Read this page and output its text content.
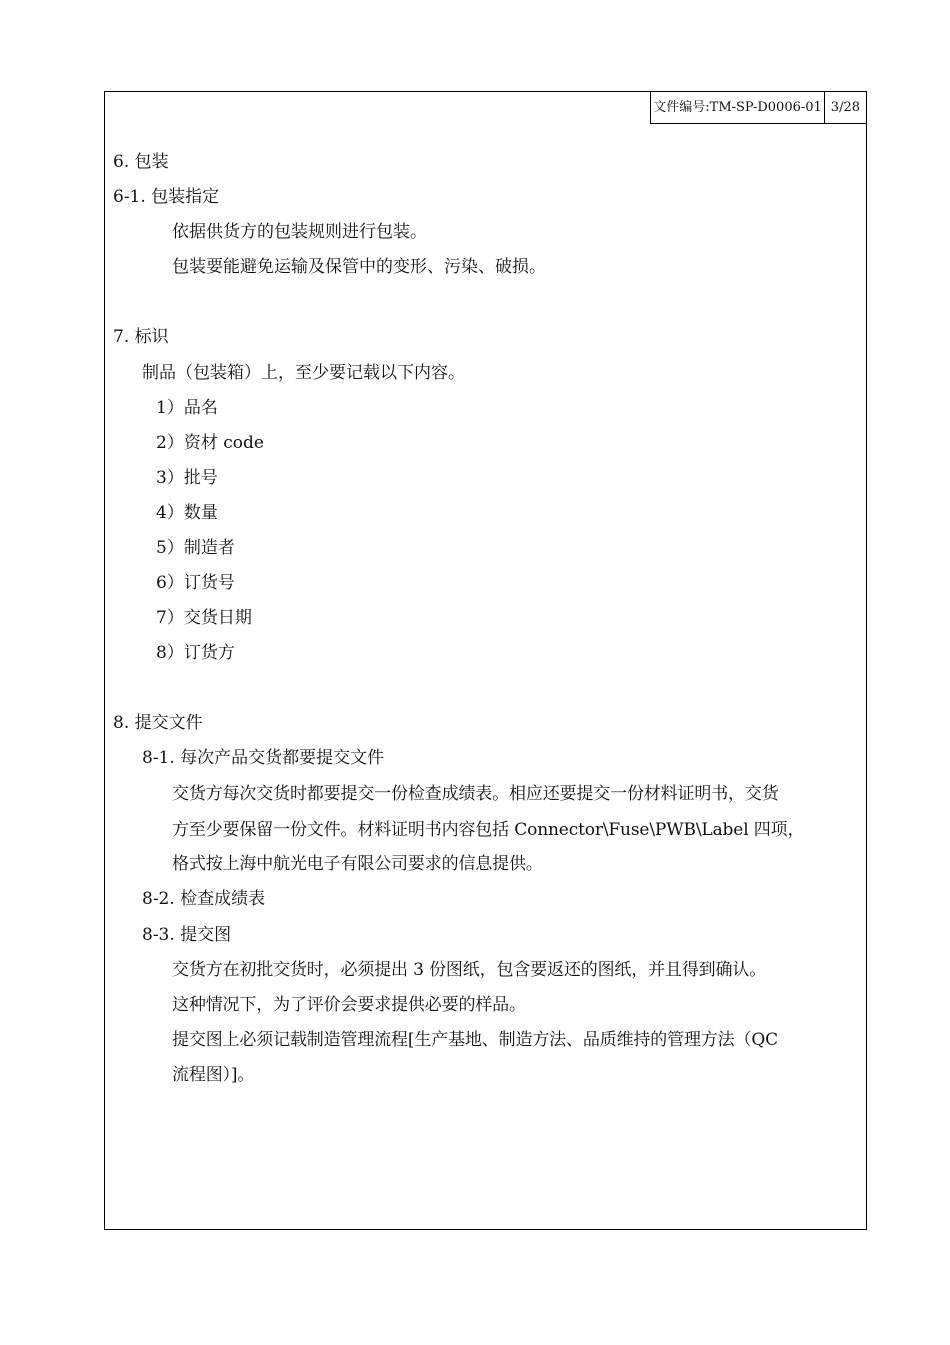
文件编号:TM-SP-D0006-01 3/28
6. 包装
6-1. 包装指定
依据供货方的包装规则进行包装。
包装要能避免运输及保管中的变形、污染、破损。
7. 标识
制品（包装箱）上，至少要记载以下内容。
1）品名
2）资材 code
3）批号
4）数量
5）制造者
6）订货号
7）交货日期
8）订货方
8. 提交文件
8-1. 每次产品交货都要提交文件
交货方每次交货时都要提交一份检查成绩表。相应还要提交一份材料证明书，交货
方至少要保留一份文件。材料证明书内容包括 Connector\Fuse\PWB\Label 四项，
格式按上海中航光电子有限公司要求的信息提供。
8-2. 检查成绩表
8-3. 提交图
交货方在初批交货时，必须提出 3 份图纸，包含要返还的图纸，并且得到确认。
这种情况下，为了评价会要求提供必要的样品。
提交图上必须记载制造管理流程[生产基地、制造方法、品质维持的管理方法（QC
流程图）]。
